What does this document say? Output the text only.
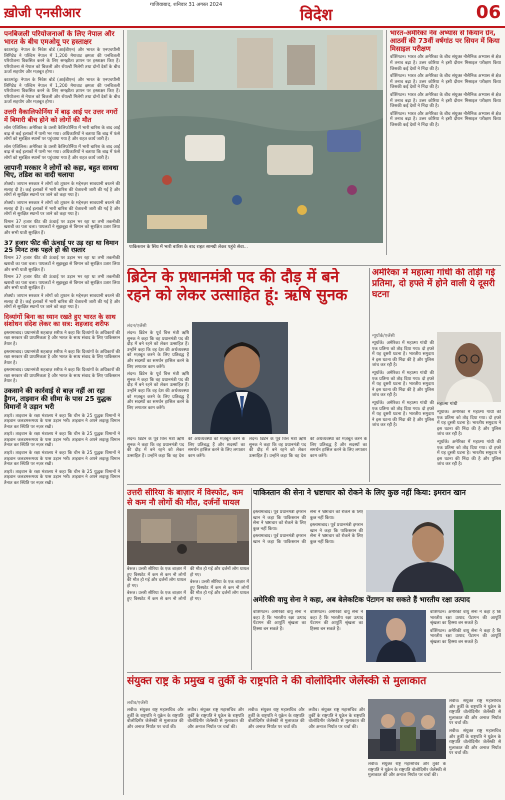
ख़ोजी एनसीआर
गाजियाबाद, शनिवार 31 अगस्त 2024	विदेश	06
पनबिजली परियोजनाओं के लिए नेपाल और भारत के बीच एमओयू पर हस्ताक्षर

काठमांडू। नेपाल के निवेश बोर्ड (आईबीएन) और भारत के एनएचपीसी लिमिटेड ने पश्चिम नेपाल में 1,200 मेगावाट क्षमता की पनबिजली परियोजना विकसित करने के लिए समझौता ज्ञापन पर हस्ताक्षर किए हैं। परियोजना से नेपाल को बिजली और रॉयल्टी मिलेगी तथा दोनों देशों के बीच ऊर्जा सहयोग और मज़बूत होगा।

काठमांडू। नेपाल के निवेश बोर्ड (आईबीएन) और भारत के एनएचपीसी लिमिटेड ने पश्चिम नेपाल में 1,200 मेगावाट क्षमता की पनबिजली परियोजना विकसित करने के लिए समझौता ज्ञापन पर हस्ताक्षर किए हैं। परियोजना से नेपाल को बिजली और रॉयल्टी मिलेगी तथा दोनों देशों के बीच ऊर्जा सहयोग और मज़बूत होगा।

उत्तरी वैकालिफोर्निया में बाढ़ आई पर उत्तर नगरों में बिमारी बीच होने को लोगों की मौत

लॉस एंजिलिस। अमेरिका के उत्तरी कैलिफोर्निया में भारी बारिश के बाद आई बाढ़ से कई इलाकों में पानी भर गया। अधिकारियों ने बताया कि बाढ़ में फंसे लोगों को सुरक्षित स्थानों पर पहुंचाया गया है और राहत कार्य जारी है।

लॉस एंजिलिस। अमेरिका के उत्तरी कैलिफोर्निया में भारी बारिश के बाद आई बाढ़ से कई इलाकों में पानी भर गया। अधिकारियों ने बताया कि बाढ़ में फंसे लोगों को सुरक्षित स्थानों पर पहुंचाया गया है और राहत कार्य जारी है।

जापानी मरकार ने लोगों को कहा, बहुत सावधा चिए, तडिश का वादी चलाया

तोक्यो। जापान सरकार ने लोगों को तूफान के मद्देनज़र सावधानी बरतने की सलाह दी है। कई इलाकों में भारी बारिश की चेतावनी जारी की गई है और लोगों से सुरक्षित स्थानों पर जाने को कहा गया है।

तोक्यो। जापान सरकार ने लोगों को तूफान के मद्देनज़र सावधानी बरतने की सलाह दी है। कई इलाकों में भारी बारिश की चेतावनी जारी की गई है और लोगों से सुरक्षित स्थानों पर जाने को कहा गया है।

विमान 37 हजार फीट की ऊंचाई पर उड़ान भर रहा था तभी तकनीकी खराबी का पता चला। पायलटों ने सूझबूझ से विमान को सुरक्षित उतार लिया और सभी यात्री सुरक्षित हैं।

37 हजार फीट की ऊंचाई पर उड़ रहा था विमान 25 मिनट तक पहले हो की रफ़्तार

विमान 37 हजार फीट की ऊंचाई पर उड़ान भर रहा था तभी तकनीकी खराबी का पता चला। पायलटों ने सूझबूझ से विमान को सुरक्षित उतार लिया और सभी यात्री सुरक्षित हैं।

विमान 37 हजार फीट की ऊंचाई पर उड़ान भर रहा था तभी तकनीकी खराबी का पता चला। पायलटों ने सूझबूझ से विमान को सुरक्षित उतार लिया और सभी यात्री सुरक्षित हैं।

तोक्यो। जापान सरकार ने लोगों को तूफान के मद्देनज़र सावधानी बरतने की सलाह दी है। कई इलाकों में भारी बारिश की चेतावनी जारी की गई है और लोगों से सुरक्षित स्थानों पर जाने को कहा गया है।

दिव्यांगों बिना का ध्यान रखते हुए भारत के साथ संशोधन संदेश लेकर का सत्र: शहजाद शरीफ

इस्लामाबाद। प्रधानमंत्री शहबाज़ शरीफ ने कहा कि दिव्यांगों के अधिकारों की रक्षा सरकार की प्राथमिकता है और भारत के साथ संवाद के लिए पाकिस्तान तैयार है।

इस्लामाबाद। प्रधानमंत्री शहबाज़ शरीफ ने कहा कि दिव्यांगों के अधिकारों की रक्षा सरकार की प्राथमिकता है और भारत के साथ संवाद के लिए पाकिस्तान तैयार है।

इस्लामाबाद। प्रधानमंत्री शहबाज़ शरीफ ने कहा कि दिव्यांगों के अधिकारों की रक्षा सरकार की प्राथमिकता है और भारत के साथ संवाद के लिए पाकिस्तान तैयार है।

उकसाने की कार्रवाई से बाज़ नहीं आ रहा ड्रैगन, ताइवान की सीमा के पास 25 युद्धक विमानों ने उड़ान भरी

ताइपे। ताइवान के रक्षा मंत्रालय ने कहा कि चीन के 25 युद्धक विमानों ने ताइवान जलडमरूमध्य के पास उड़ान भरी। ताइवान ने अपने लड़ाकू विमान तैनात कर स्थिति पर नज़र रखी।

ताइपे। ताइवान के रक्षा मंत्रालय ने कहा कि चीन के 25 युद्धक विमानों ने ताइवान जलडमरूमध्य के पास उड़ान भरी। ताइवान ने अपने लड़ाकू विमान तैनात कर स्थिति पर नज़र रखी।

ताइपे। ताइवान के रक्षा मंत्रालय ने कहा कि चीन के 25 युद्धक विमानों ने ताइवान जलडमरूमध्य के पास उड़ान भरी। ताइवान ने अपने लड़ाकू विमान तैनात कर स्थिति पर नज़र रखी।

ताइपे। ताइवान के रक्षा मंत्रालय ने कहा कि चीन के 25 युद्धक विमानों ने ताइवान जलडमरूमध्य के पास उड़ान भरी। ताइवान ने अपने लड़ाकू विमान तैनात कर स्थिति पर नज़र रखी।

पाकिस्तान के सिंध में भारी बारिश के बाद राहत सामग्री लेकर पहुंचे सेवा...
भारत-अमेरिका नेव अभ्यास से कियान ग्रेन, आठवीं की 73वीं वर्षगांठ पर सियन में किया मिसाइल परीक्षण

वॉशिंगटन। भारत और अमेरिका के बीच संयुक्त नौसैनिक अभ्यास से क्षेत्र में तनाव बढ़ा है। उत्तर कोरिया ने इसी दौरान मिसाइल परीक्षण किया जिसकी कई देशों ने निंदा की है।

वॉशिंगटन। भारत और अमेरिका के बीच संयुक्त नौसैनिक अभ्यास से क्षेत्र में तनाव बढ़ा है। उत्तर कोरिया ने इसी दौरान मिसाइल परीक्षण किया जिसकी कई देशों ने निंदा की है।

वॉशिंगटन। भारत और अमेरिका के बीच संयुक्त नौसैनिक अभ्यास से क्षेत्र में तनाव बढ़ा है। उत्तर कोरिया ने इसी दौरान मिसाइल परीक्षण किया जिसकी कई देशों ने निंदा की है।

वॉशिंगटन। भारत और अमेरिका के बीच संयुक्त नौसैनिक अभ्यास से क्षेत्र में तनाव बढ़ा है। उत्तर कोरिया ने इसी दौरान मिसाइल परीक्षण किया जिसकी कई देशों ने निंदा की है।

ब्रिटेन के प्रधानमंत्री पद की दौड़ में बने रहने को लेकर उत्साहित हूं: ऋषि सुनक
लंदन/एजेंसी

लंदन। ब्रिटेन के पूर्व वित्त मंत्री ऋषि सुनक ने कहा कि वह प्रधानमंत्री पद की दौड़ में बने रहने को लेकर उत्साहित हैं। उन्होंने कहा कि वह देश की अर्थव्यवस्था को मज़बूत करने के लिए प्रतिबद्ध हैं और सदस्यों का समर्थन हासिल करने के लिए लगातार काम करेंगे।

लंदन। ब्रिटेन के पूर्व वित्त मंत्री ऋषि सुनक ने कहा कि वह प्रधानमंत्री पद की दौड़ में बने रहने को लेकर उत्साहित हैं। उन्होंने कहा कि वह देश की अर्थव्यवस्था को मज़बूत करने के लिए प्रतिबद्ध हैं और सदस्यों का समर्थन हासिल करने के लिए लगातार काम करेंगे।

लंदन। ब्रिटेन के पूर्व वित्त मंत्री ऋषि सुनक ने कहा कि वह प्रधानमंत्री पद की दौड़ में बने रहने को लेकर उत्साहित हैं। उन्होंने कहा कि वह देश की अर्थव्यवस्था को मज़बूत करने के लिए प्रतिबद्ध हैं और सदस्यों का समर्थन हासिल करने के लिए लगातार काम करेंगे।

लंदन। ब्रिटेन के पूर्व वित्त मंत्री ऋषि सुनक ने कहा कि वह प्रधानमंत्री पद की दौड़ में बने रहने को लेकर उत्साहित हैं। उन्होंने कहा कि वह देश की अर्थव्यवस्था को मज़बूत करने के लिए प्रतिबद्ध हैं और सदस्यों का समर्थन हासिल करने के लिए लगातार काम करेंगे।

अमेरिका में महात्मा गांधी की तोड़ी गई प्रतिमा, दो हफ्ते में होने वाली ये दूसरी घटना
न्यूयॉर्क/एजेंसी

न्यूयॉर्क। अमेरिका में महात्मा गांधी की एक प्रतिमा को तोड़ दिया गया। दो हफ्ते में यह दूसरी घटना है। भारतीय समुदाय ने इस घटना की निंदा की है और पुलिस जांच कर रही है।

न्यूयॉर्क। अमेरिका में महात्मा गांधी की एक प्रतिमा को तोड़ दिया गया। दो हफ्ते में यह दूसरी घटना है। भारतीय समुदाय ने इस घटना की निंदा की है और पुलिस जांच कर रही है।

न्यूयॉर्क। अमेरिका में महात्मा गांधी की एक प्रतिमा को तोड़ दिया गया। दो हफ्ते में यह दूसरी घटना है। भारतीय समुदाय ने इस घटना की निंदा की है और पुलिस जांच कर रही है।

महात्मा गांधी

न्यूयॉर्क। अमेरिका में महात्मा गांधी की एक प्रतिमा को तोड़ दिया गया। दो हफ्ते में यह दूसरी घटना है। भारतीय समुदाय ने इस घटना की निंदा की है और पुलिस जांच कर रही है।

न्यूयॉर्क। अमेरिका में महात्मा गांधी की एक प्रतिमा को तोड़ दिया गया। दो हफ्ते में यह दूसरी घटना है। भारतीय समुदाय ने इस घटना की निंदा की है और पुलिस जांच कर रही है।

उत्तरी सीरिया के बाज़ार में विस्फोट, कम से कम नौ लोगों की मौत, दर्जनों घायल

बेरूत। उत्तरी सीरिया के एक बाज़ार में हुए विस्फोट में कम से कम नौ लोगों की मौत हो गई और दर्जनों लोग घायल हो गए।

बेरूत। उत्तरी सीरिया के एक बाज़ार में हुए विस्फोट में कम से कम नौ लोगों की मौत हो गई और दर्जनों लोग घायल हो गए।

बेरूत। उत्तरी सीरिया के एक बाज़ार में हुए विस्फोट में कम से कम नौ लोगों की मौत हो गई और दर्जनों लोग घायल हो गए।

पाकिस्तान की सेना ने भ्रष्टाचार को रोकने के लिए कुछ नहीं किया: इमरान खान

इस्लामाबाद। पूर्व प्रधानमंत्री इमरान खान ने कहा कि पाकिस्तान की सेना ने भ्रष्टाचार को रोकने के लिए कुछ नहीं किया।

इस्लामाबाद। पूर्व प्रधानमंत्री इमरान खान ने कहा कि पाकिस्तान की सेना ने भ्रष्टाचार को रोकने के लिए कुछ नहीं किया।

इस्लामाबाद। पूर्व प्रधानमंत्री इमरान खान ने कहा कि पाकिस्तान की सेना ने भ्रष्टाचार को रोकने के लिए कुछ नहीं किया।

अमेरिकी वायु सेना ने कहा, अब बेलेकटिक पेंटागन का सकते हैं भारतीय रक्षा उत्पाद

वॉशिंगटन। अमेरिकी वायु सेना ने कहा है कि भारतीय रक्षा उत्पाद पेंटागन की आपूर्ति श्रृंखला का हिस्सा बन सकते हैं।

वॉशिंगटन। अमेरिकी वायु सेना ने कहा है कि भारतीय रक्षा उत्पाद पेंटागन की आपूर्ति श्रृंखला का हिस्सा बन सकते हैं।

वॉशिंगटन। अमेरिकी वायु सेना ने कहा है कि भारतीय रक्षा उत्पाद पेंटागन की आपूर्ति श्रृंखला का हिस्सा बन सकते हैं।

वॉशिंगटन। अमेरिकी वायु सेना ने कहा है कि भारतीय रक्षा उत्पाद पेंटागन की आपूर्ति श्रृंखला का हिस्सा बन सकते हैं।

संयुक्त राष्ट्र के प्रमुख व तुर्की के राष्ट्रपति ने की वोलोदिमीर जेलेंस्की से मुलाकात
लवीव/एजेंसी

लवीव। संयुक्त राष्ट्र महासचिव और तुर्की के राष्ट्रपति ने यूक्रेन के राष्ट्रपति वोलोदिमीर जेलेंस्की से मुलाकात की और अनाज निर्यात पर चर्चा की।

लवीव। संयुक्त राष्ट्र महासचिव और तुर्की के राष्ट्रपति ने यूक्रेन के राष्ट्रपति वोलोदिमीर जेलेंस्की से मुलाकात की और अनाज निर्यात पर चर्चा की।

लवीव। संयुक्त राष्ट्र महासचिव और तुर्की के राष्ट्रपति ने यूक्रेन के राष्ट्रपति वोलोदिमीर जेलेंस्की से मुलाकात की और अनाज निर्यात पर चर्चा की।

लवीव। संयुक्त राष्ट्र महासचिव और तुर्की के राष्ट्रपति ने यूक्रेन के राष्ट्रपति वोलोदिमीर जेलेंस्की से मुलाकात की और अनाज निर्यात पर चर्चा की।

लवीव। संयुक्त राष्ट्र महासचिव और तुर्की के राष्ट्रपति ने यूक्रेन के राष्ट्रपति वोलोदिमीर जेलेंस्की से मुलाकात की और अनाज निर्यात पर चर्चा की।

लवीव। संयुक्त राष्ट्र महासचिव और तुर्की के राष्ट्रपति ने यूक्रेन के राष्ट्रपति वोलोदिमीर जेलेंस्की से मुलाकात की और अनाज निर्यात पर चर्चा की।

लवीव। संयुक्त राष्ट्र महासचिव और तुर्की के राष्ट्रपति ने यूक्रेन के राष्ट्रपति वोलोदिमीर जेलेंस्की से मुलाकात की और अनाज निर्यात पर चर्चा की।
